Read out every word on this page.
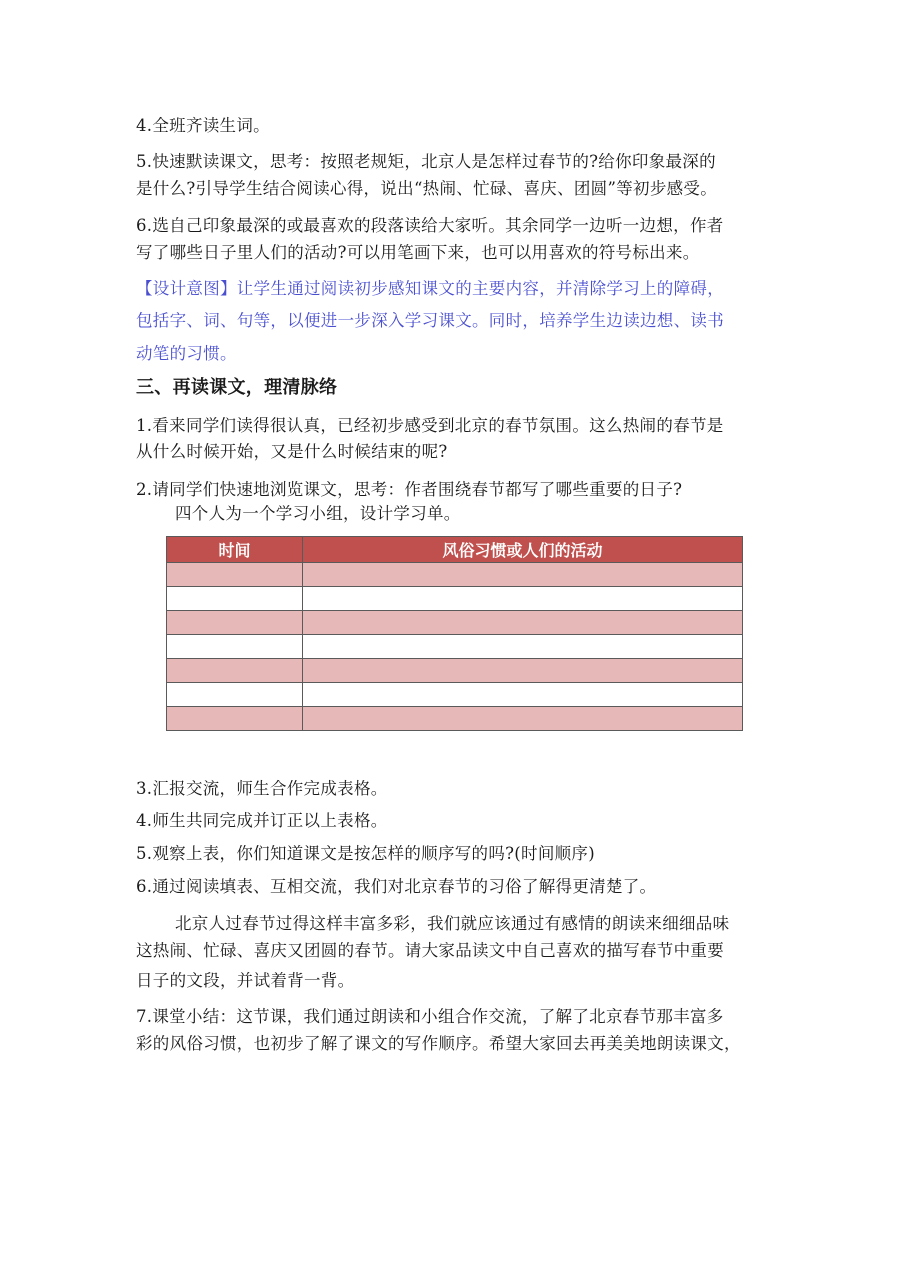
4.全班齐读生词。
5.快速默读课文，思考：按照老规矩，北京人是怎样过春节的?给你印象最深的
是什么?引导学生结合阅读心得，说出“热闹、忙碌、喜庆、团圆”等初步感受。
6.选自己印象最深的或最喜欢的段落读给大家听。其余同学一边听一边想，作者
写了哪些日子里人们的活动?可以用笔画下来，也可以用喜欢的符号标出来。
【设计意图】让学生通过阅读初步感知课文的主要内容，并清除学习上的障碍，
包括字、词、句等，以便进一步深入学习课文。同时，培养学生边读边想、读书
动笔的习惯。
三、再读课文，理清脉络
1.看来同学们读得很认真，已经初步感受到北京的春节氛围。这么热闹的春节是
从什么时候开始，又是什么时候结束的呢?
2.请同学们快速地浏览课文，思考：作者围绕春节都写了哪些重要的日子?
四个人为一个学习小组，设计学习单。
时间	风俗习惯或人们的活动

3.汇报交流，师生合作完成表格。
4.师生共同完成并订正以上表格。
5.观察上表，你们知道课文是按怎样的顺序写的吗?(时间顺序)
6.通过阅读填表、互相交流，我们对北京春节的习俗了解得更清楚了。
北京人过春节过得这样丰富多彩，我们就应该通过有感情的朗读来细细品味
这热闹、忙碌、喜庆又团圆的春节。请大家品读文中自己喜欢的描写春节中重要
日子的文段，并试着背一背。
7.课堂小结：这节课，我们通过朗读和小组合作交流，了解了北京春节那丰富多
彩的风俗习惯，也初步了解了课文的写作顺序。希望大家回去再美美地朗读课文，
